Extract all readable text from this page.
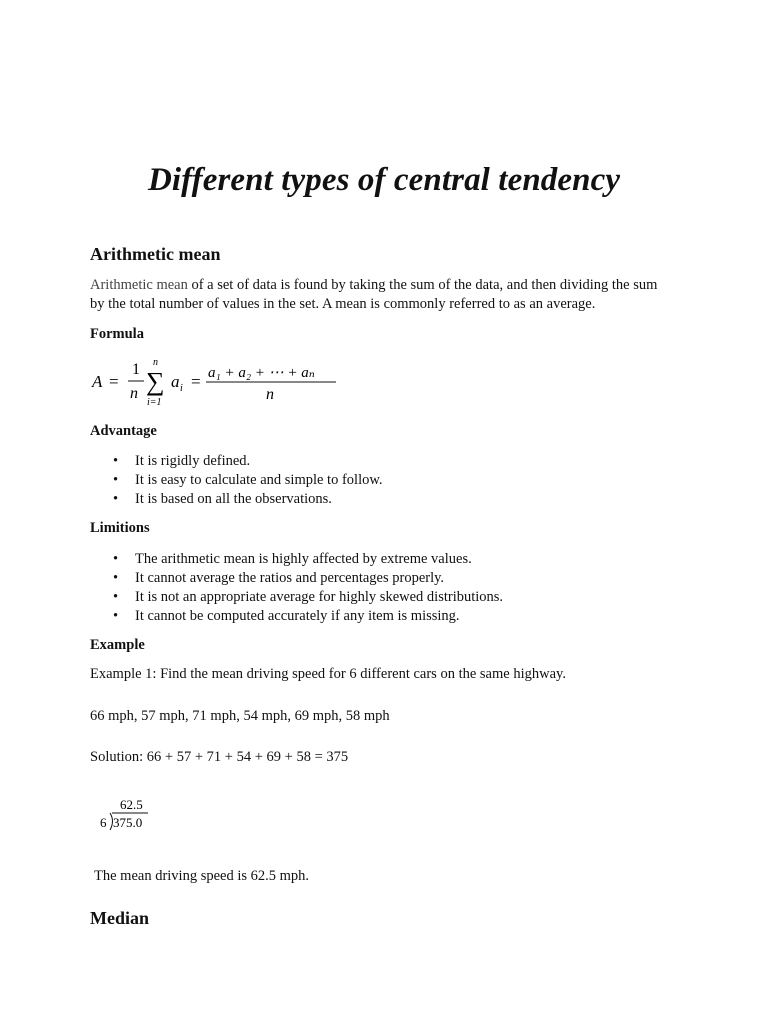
Different types of central tendency
Arithmetic mean
Arithmetic mean of a set of data is found by taking the sum of the data, and then dividing the sum by the total number of values in the set. A mean is commonly referred to as an average.
Formula
A =
1
n
n
∑
i=1
a i = a₁ + a₂ + ⋯ + aₙ
n
Advantage
• It is rigidly defined.
• It is easy to calculate and simple to follow.
• It is based on all the observations.
Limitions
• The arithmetic mean is highly affected by extreme values.
• It cannot average the ratios and percentages properly.
• It is not an appropriate average for highly skewed distributions.
• It cannot be computed accurately if any item is missing.
Example
Example 1: Find the mean driving speed for 6 different cars on the same highway.
66 mph, 57 mph, 71 mph, 54 mph, 69 mph, 58 mph
Solution: 66 + 57 + 71 + 54 + 69 + 58 = 375
62.5
6 375.0
The mean driving speed is 62.5 mph.
Median
